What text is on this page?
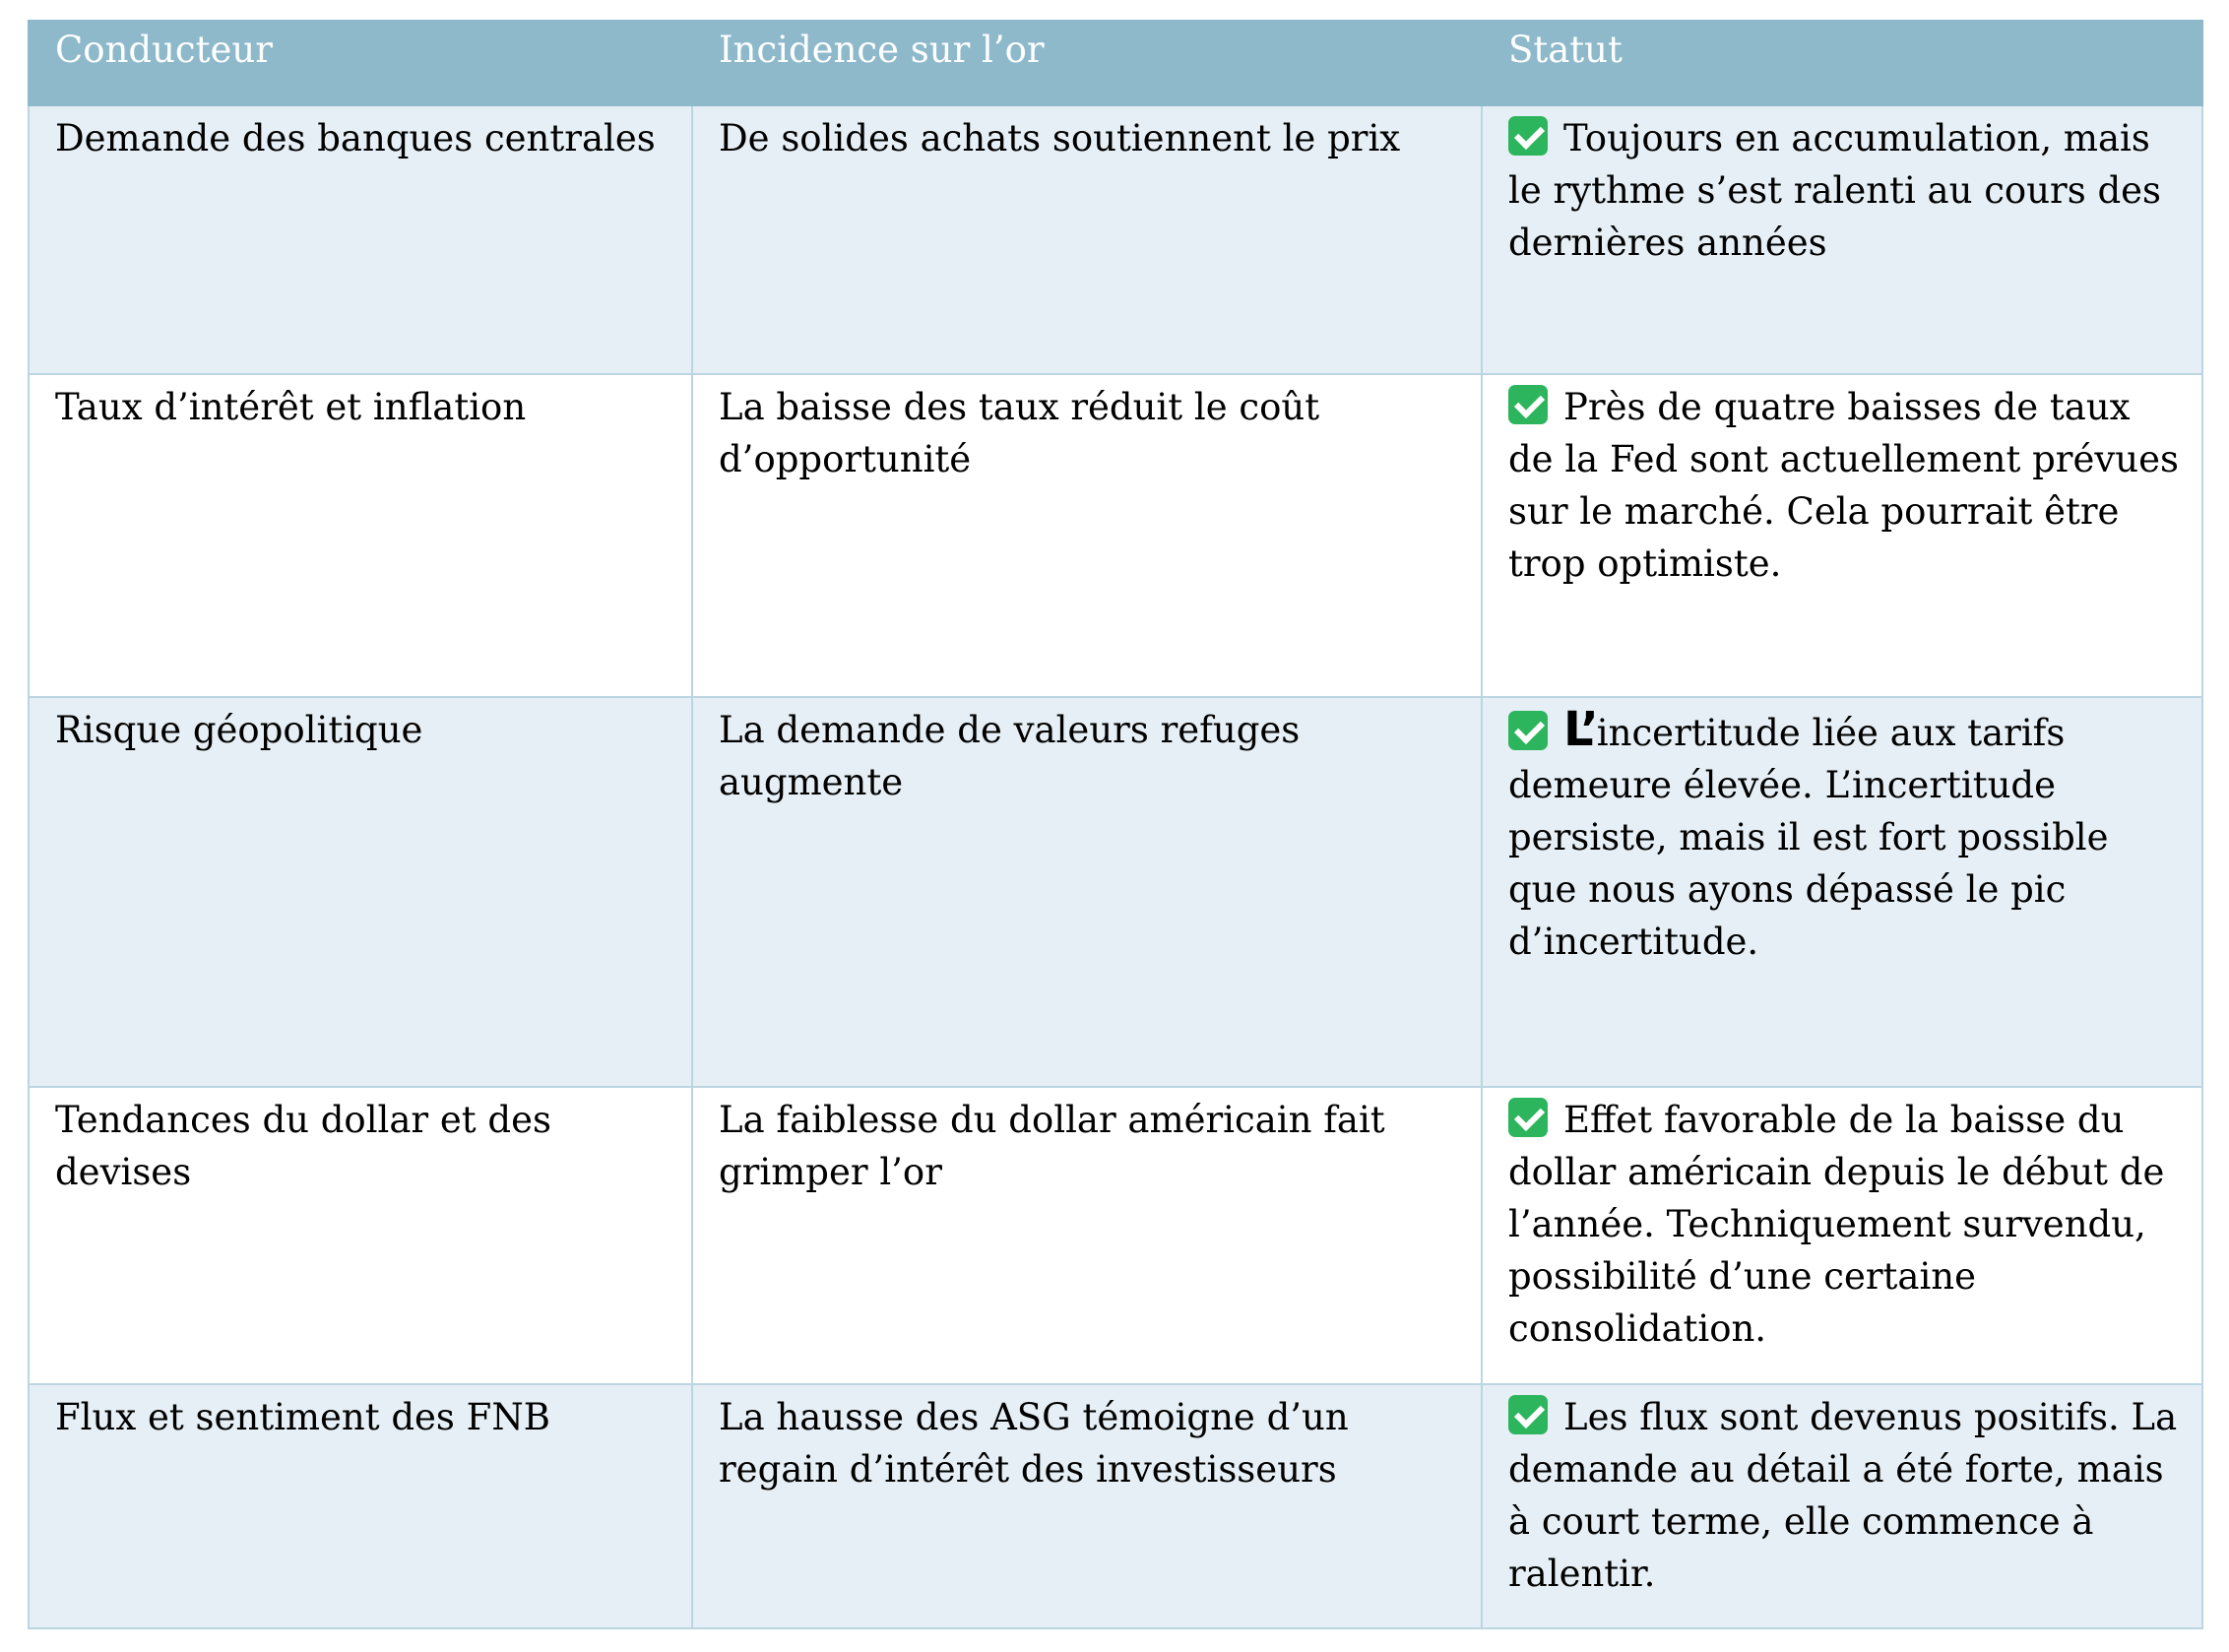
Conducteur	Incidence sur l’or	Statut
Demande des banques centrales	De solides achats soutiennent le prix	Toujours en accumulation, mais le rythme s’est ralenti au cours des dernières années
Taux d’intérêt et inflation	La baisse des taux réduit le coût d’opportunité	Près de quatre baisses de taux de la Fed sont actuellement prévues sur le marché. Cela pourrait être trop optimiste.
Risque géopolitique	La demande de valeurs refuges augmente	L’incertitude liée aux tarifs demeure élevée. L’incertitude persiste, mais il est fort possible que nous ayons dépassé le pic d’incertitude.
Tendances du dollar et des devises	La faiblesse du dollar américain fait grimper l’or	Effet favorable de la baisse du dollar américain depuis le début de l’année. Techniquement survendu, possibilité d’une certaine consolidation.
Flux et sentiment des FNB	La hausse des ASG témoigne d’un regain d’intérêt des investisseurs	Les flux sont devenus positifs. La demande au détail a été forte, mais à court terme, elle commence à ralentir.
